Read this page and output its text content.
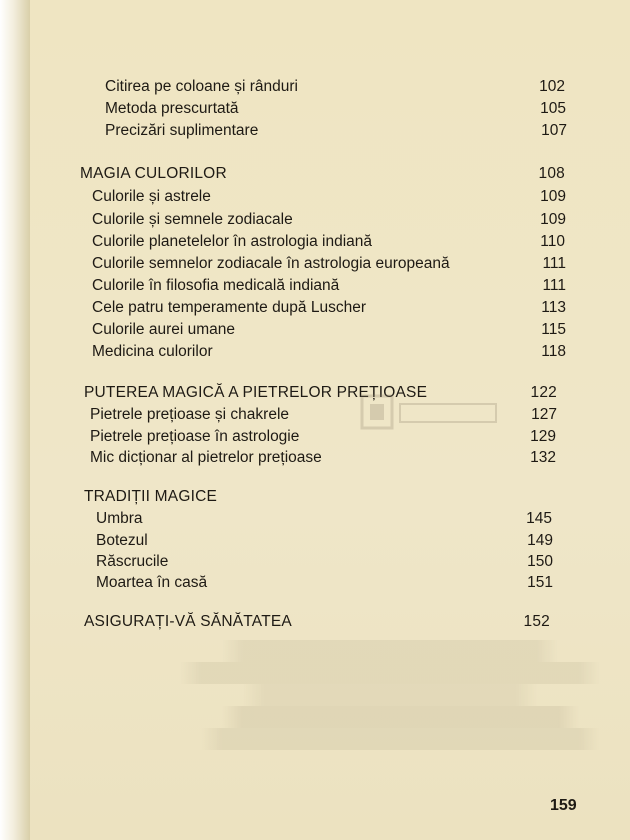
Citirea pe coloane și rânduri	102
Metoda prescurtată	105
Precizări suplimentare	107
MAGIA CULORILOR	108
Culorile și astrele	109
Culorile și semnele zodiacale	109
Culorile planetelelor în astrologia indiană	110
Culorile semnelor zodiacale în astrologia europeană	111
Culorile în filosofia medicală indiană	111
Cele patru temperamente după Luscher	113
Culorile aurei umane	115
Medicina culorilor	118
PUTEREA MAGICĂ A PIETRELOR PREȚIOASE	122
Pietrele prețioase și chakrele	127
Pietrele prețioase în astrologie	129
Mic dicționar al pietrelor prețioase	132
TRADIȚII MAGICE
Umbra	145
Botezul	149
Răscrucile	150
Moartea în casă	151
ASIGURAȚI-VĂ SĂNĂTATEA	152
159
